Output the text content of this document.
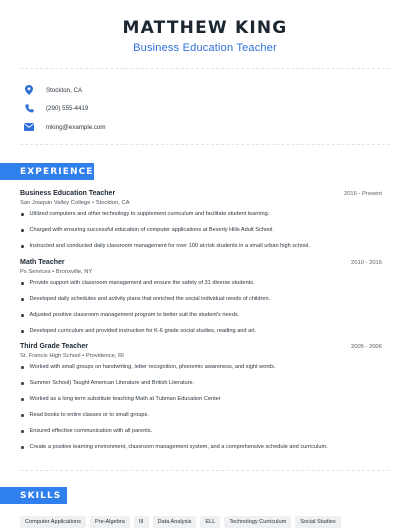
MATTHEW KING
Business Education Teacher
Stockton, CA
(290) 555-4419
mking@example.com
EXPERIENCE
Business Education Teacher	2016 - Present
San Joaquin Valley College • Stockton, CA
Utilized computers and other technology to supplement curriculum and facilitate student learning.
Charged with ensuring successful education of computer applications at Beverly Hills Adult School.
Instructed and conducted daily classroom management for over 100 at-risk students in a small urban high school.
Math Teacher	2010 - 2016
Ps Services • Bronxville, NY
Provide support with classroom management and ensure the safety of 31 diverse students.
Developed daily schedules and activity plans that enriched the social individual needs of children.
Adjusted positive classroom management program to better suit the student's needs.
Developed curriculum and provided instruction for K-6 grade social studies, reading and art.
Third Grade Teacher	2005 - 2006
St. Francis High School • Providence, RI
Worked with small groups on handwriting, letter recognition, phonemic awareness, and sight words.
Summer School) Taught American Literature and British Literature.
Worked as a long term substitute teaching Math at Tubman Education Center
Read books to entire classes or to small groups.
Ensured effective communication with all parents.
Create a positive learning environment, classroom management system, and a comprehensive schedule and curriculum.
SKILLS
Computer Applications	Pre-Algebra	III	Data Analysis	ELL	Technology Curriculum	Social Studies
